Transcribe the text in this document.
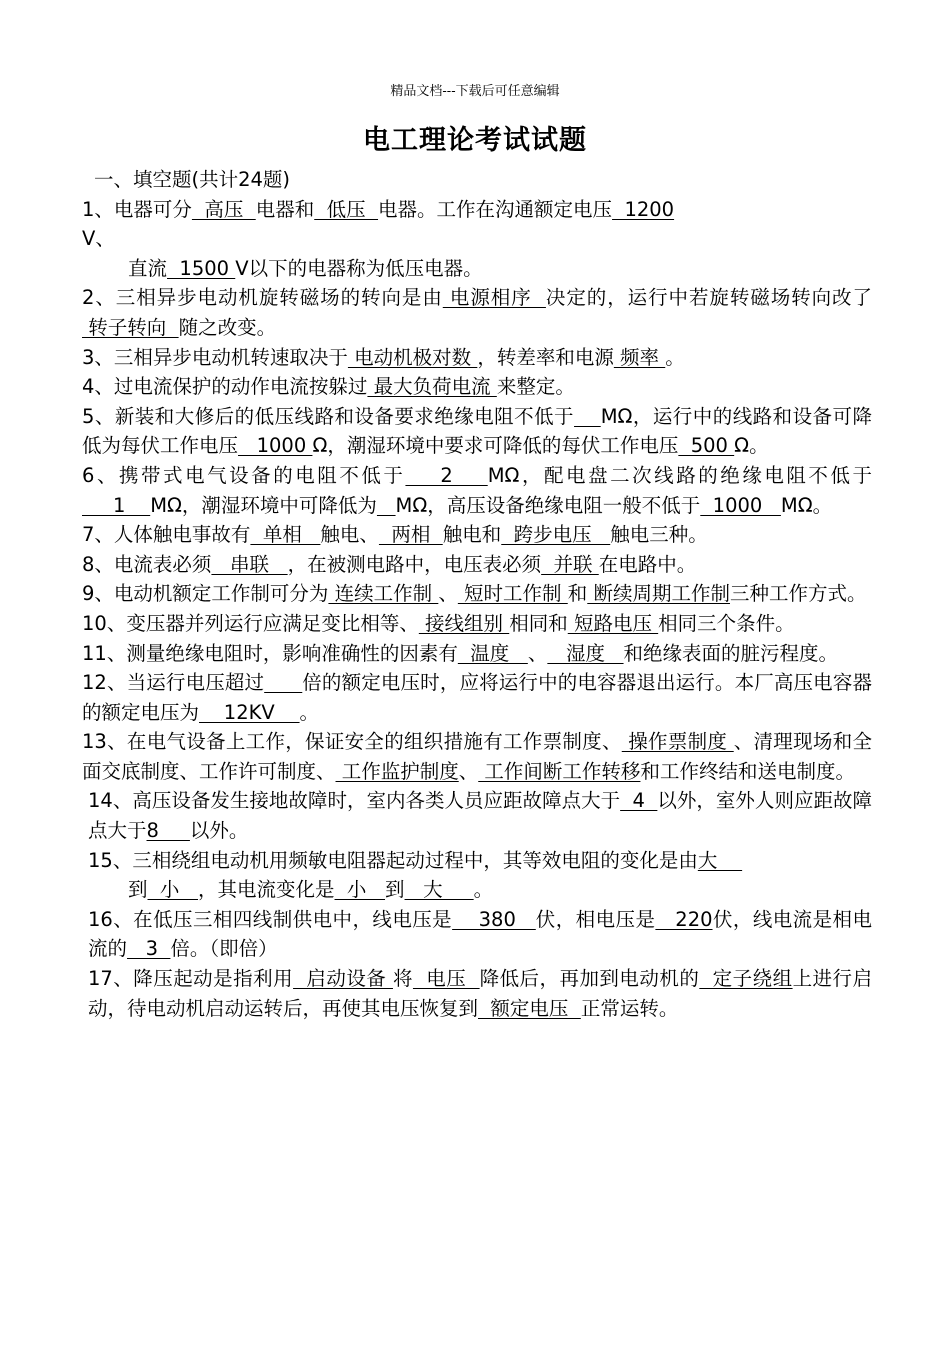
精品文档---下载后可任意编辑
电工理论考试试题

一、填空题(共计24题)

1、电器可分  高压  电器和  低压  电器。工作在沟通额定电压  1200
V、

直流  1500 V以下的电器称为低压电器。

2、三相异步电动机旋转磁场的转向是由 电源相序  决定的，运行中若旋转磁场转向改了 转子转向  随之改变。

3、三相异步电动机转速取决于 电动机极对数 ，转差率和电源 频率 。

4、过电流保护的动作电流按躲过 最大负荷电流 来整定。

5、新装和大修后的低压线路和设备要求绝缘电阻不低于 MΩ，运行中的线路和设备可降低为每伏工作电压   1000 Ω，潮湿环境中要求可降低的每伏工作电压  500 Ω。

6、携带式电气设备的电阻不低于    2    MΩ，配电盘二次线路的绝缘电阻不低于     1    MΩ，潮湿环境中可降低为 MΩ，高压设备绝缘电阻一般不低于  1000   MΩ。

7、人体触电事故有  单相   触电、  两相  触电和  跨步电压   触电三种。

8、电流表必须   串联   ，在被测电路中，电压表必须  并联 在电路中。

9、电动机额定工作制可分为 连续工作制 、 短时工作制 和 断续周期工作制三种工作方式。

10、变压器并列运行应满足变比相等、 接线组别 相同和 短路电压 相同三个条件。

11、测量绝缘电阻时，影响准确性的因素有  温度   、   湿度   和绝缘表面的脏污程度。

12、当运行电压超过 倍的额定电压时，应将运行中的电容器退出运行。本厂高压电容器的额定电压为    12KV    。

13、在电气设备上工作，保证安全的组织措施有工作票制度、 操作票制度 、清理现场和全面交底制度、工作许可制度、 工作监护制度、 工作间断工作转移和工作终结和送电制度。

14、高压设备发生接地故障时，室内各类人员应距故障点大于  4  以外，室外人则应距故障点大于8     以外。

15、三相绕组电动机用频敏电阻器起动过程中，其等效电阻的变化是由大

到  小   ，其电流变化是  小   到   大     。

16、在低压三相四线制供电中，线电压是    380   伏，相电压是   220伏，线电流是相电流的   3  倍。（即倍）

17、降压起动是指利用  启动设备 将  电压  降低后，再加到电动机的  定子绕组上进行启动，待电动机启动运转后，再使其电压恢复到  额定电压  正常运转。
